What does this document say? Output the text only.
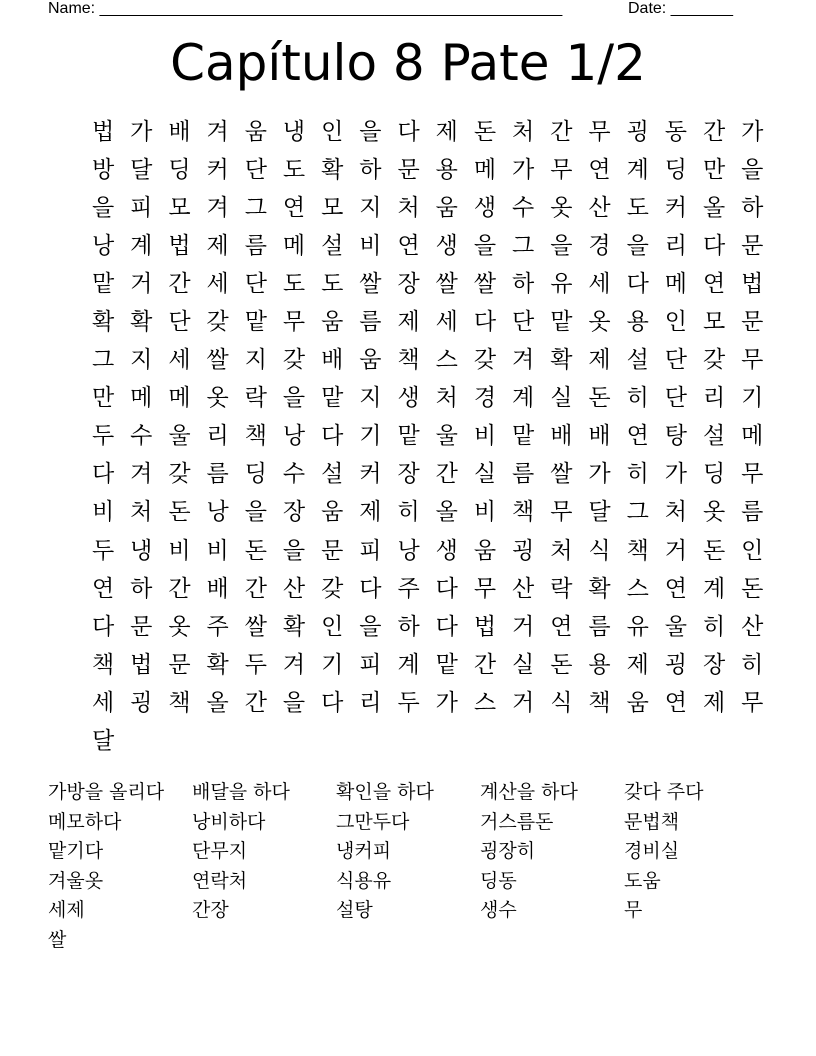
Name: ____________________________________________________	Date: _______
Capítulo 8 Pate 1/2
법 가 배 겨 움 냉 인 을 다 제 돈 처 간 무 굉 동 간 가
방 달 딩 커 단 도 확 하 문 용 메 가 무 연 계 딩 만 을
을 피 모 겨 그 연 모 지 처 움 생 수 옷 산 도 커 올 하
낭 계 법 제 름 메 설 비 연 생 을 그 을 경 을 리 다 문
맡 거 간 세 단 도 도 쌀 장 쌀 쌀 하 유 세 다 메 연 법
확 확 단 갖 맡 무 움 름 제 세 다 단 맡 옷 용 인 모 문
그 지 세 쌀 지 갖 배 움 책 스 갖 겨 확 제 설 단 갖 무
만 메 메 옷 락 을 맡 지 생 처 경 계 실 돈 히 단 리 기
두 수 울 리 책 낭 다 기 맡 울 비 맡 배 배 연 탕 설 메
다 겨 갖 름 딩 수 설 커 장 간 실 름 쌀 가 히 가 딩 무
비 처 돈 낭 을 장 움 제 히 올 비 책 무 달 그 처 옷 름
두 냉 비 비 돈 을 문 피 낭 생 움 굉 처 식 책 거 돈 인
연 하 간 배 간 산 갖 다 주 다 무 산 락 확 스 연 계 돈
다 문 옷 주 쌀 확 인 을 하 다 법 거 연 름 유 울 히 산
책 법 문 확 두 겨 기 피 계 맡 간 실 돈 용 제 굉 장 히
세 굉 책 올 간 을 다 리 두 가 스 거 식 책 움 연 제 무
달
가방을 올리다	배달을 하다	확인을 하다	계산을 하다	갖다 주다
메모하다	낭비하다	그만두다	거스름돈	문법책
맡기다	단무지	냉커피	굉장히	경비실
겨울옷	연락처	식용유	딩동	도움
세제	간장	설탕	생수	무
쌀
